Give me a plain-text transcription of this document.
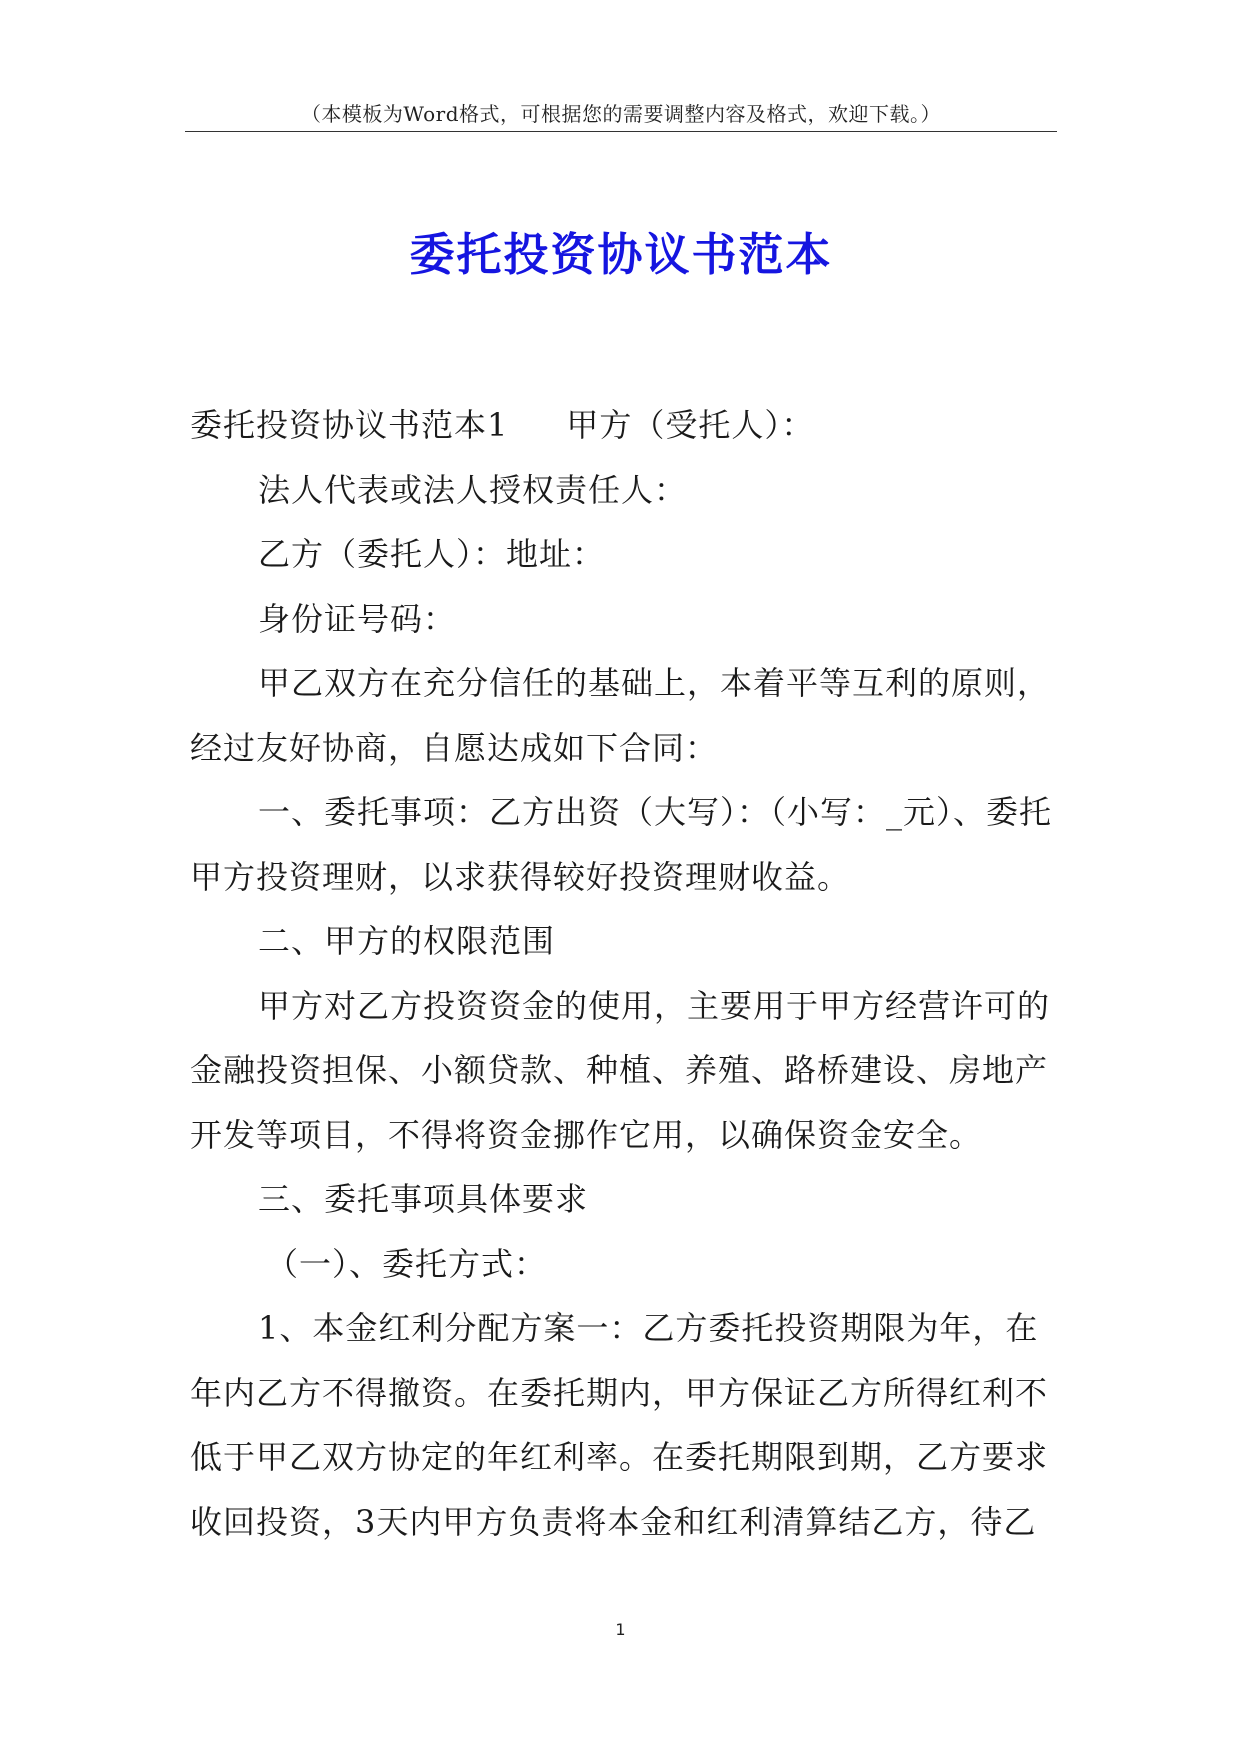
（本模板为Word格式，可根据您的需要调整内容及格式，欢迎下载。）
委托投资协议书范本

委托投资协议书范本1 甲方（受托人）：

法人代表或法人授权责任人：

乙方（委托人）：地址：

身份证号码：

甲乙双方在充分信任的基础上，本着平等互利的原则，

经过友好协商，自愿达成如下合同：

一、委托事项：乙方出资（大写）：（小写：_元）、委托

甲方投资理财，以求获得较好投资理财收益。

二、甲方的权限范围

甲方对乙方投资资金的使用，主要用于甲方经营许可的

金融投资担保、小额贷款、种植、养殖、路桥建设、房地产

开发等项目，不得将资金挪作它用，以确保资金安全。

三、委托事项具体要求

（一）、委托方式：

1、本金红利分配方案一：乙方委托投资期限为年，在

年内乙方不得撤资。在委托期内，甲方保证乙方所得红利不

低于甲乙双方协定的年红利率。在委托期限到期，乙方要求

收回投资，3天内甲方负责将本金和红利清算结乙方，待乙

1
